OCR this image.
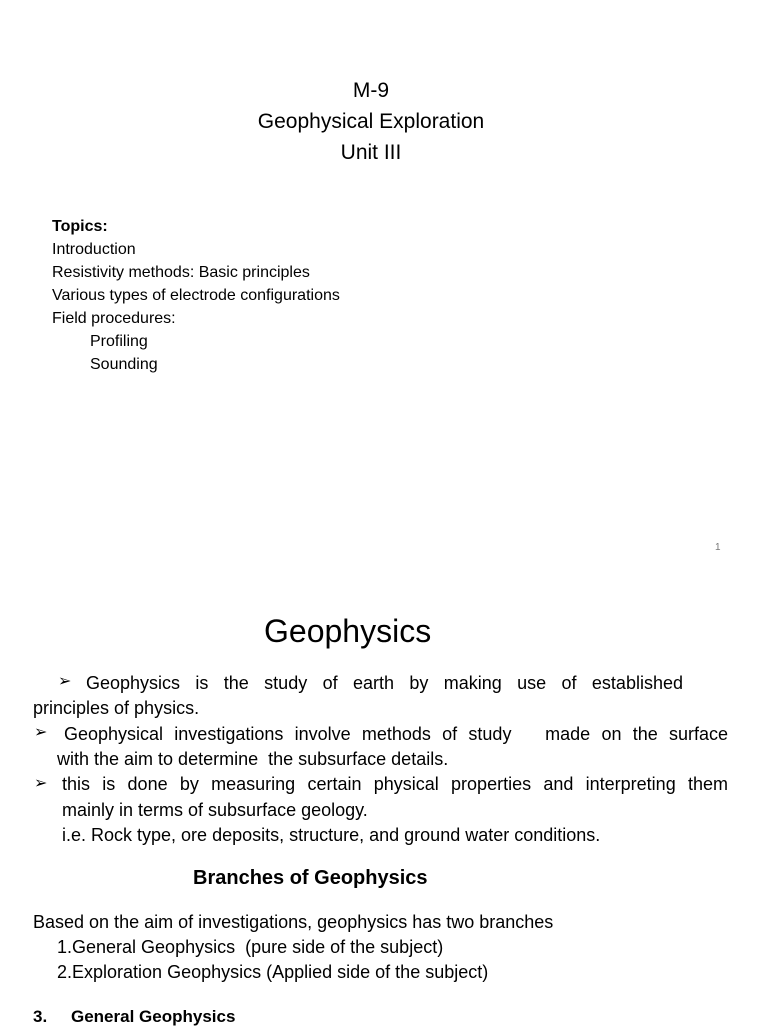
M-9
Geophysical Exploration
Unit III
Topics:
Introduction
Resistivity methods: Basic principles
Various types of electrode configurations
Field procedures:
Profiling
Sounding
1
Geophysics
➢ Geophysics is the study of earth by making use of established
principles of physics.
➢ Geophysical investigations involve methods of study   made on the surface
with the aim to determine  the subsurface details.
➢ this is done by measuring certain physical properties and interpreting them
mainly in terms of subsurface geology.
i.e. Rock type, ore deposits, structure, and ground water conditions.
Branches of Geophysics
Based on the aim of investigations, geophysics has two branches
1.General Geophysics  (pure side of the subject)
2.Exploration Geophysics (Applied side of the subject)
3. General Geophysics
